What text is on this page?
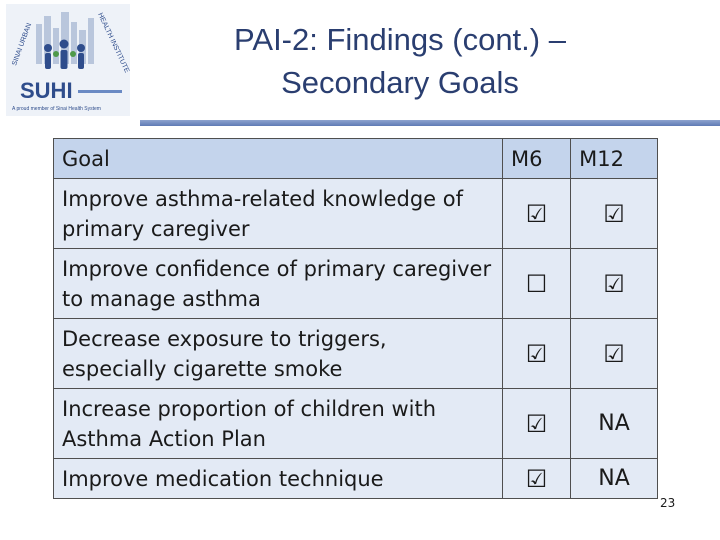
SINAI URBAN	HEALTH INSTITUTE
SUHI
A proud member of Sinai Health System
PAI-2: Findings (cont.) –
Secondary Goals
Goal	M6	M12
Improve asthma-related knowledge of primary caregiver	☑	☑
Improve confidence of primary caregiver to manage asthma	☐	☑
Decrease exposure to triggers, especially cigarette smoke	☑	☑
Increase proportion of children with Asthma Action Plan	☑	NA
Improve medication technique	☑	NA
23
